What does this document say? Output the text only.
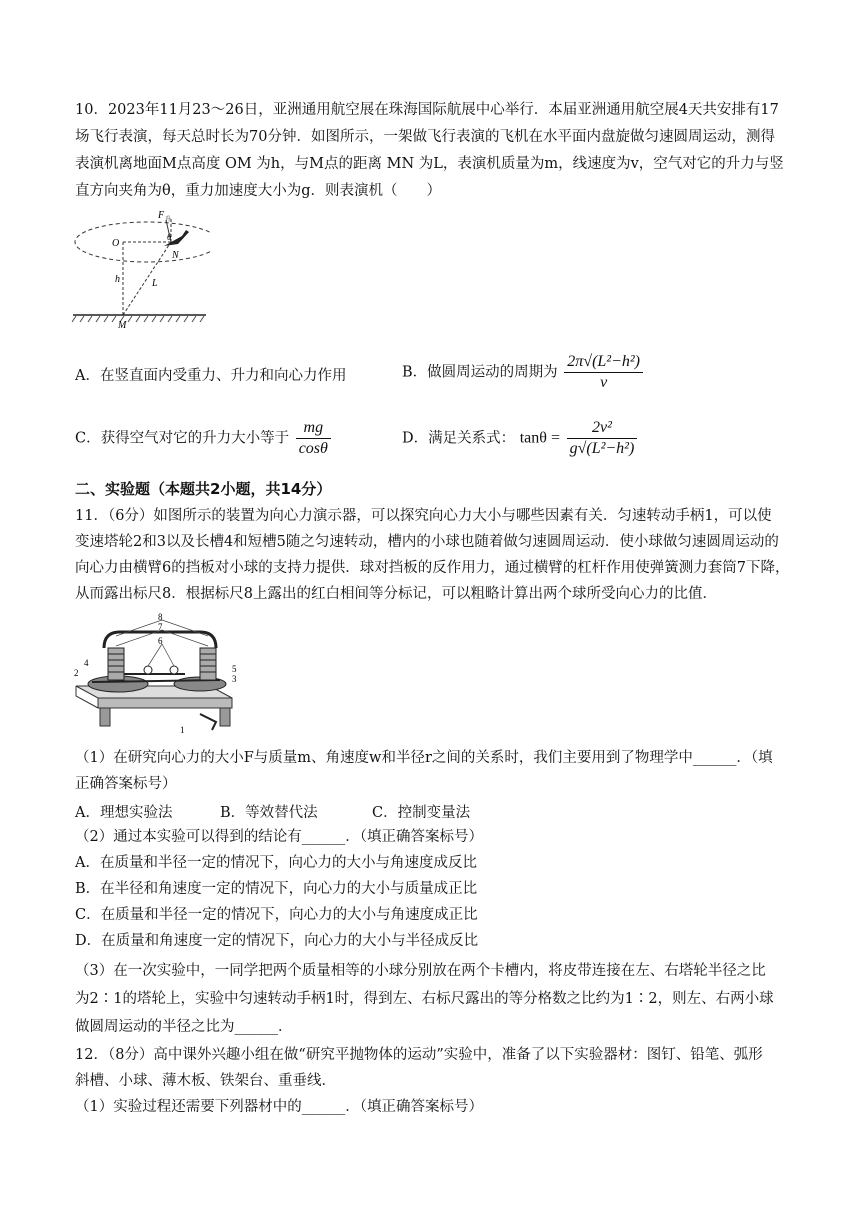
10．2023年11月23～26日，亚洲通用航空展在珠海国际航展中心举行．本届亚洲通用航空展4天共安排有17
场飞行表演，每天总时长为70分钟．如图所示，一架做飞行表演的飞机在水平面内盘旋做匀速圆周运动，测得
表演机离地面M点高度 OM 为h，与M点的距离 MN 为L，表演机质量为m，线速度为v，空气对它的升力与竖
直方向夹角为θ，重力加速度大小为g．则表演机（　　）
F 升
θ
O
N
h	L
M
A．在竖直面内受重力、升力和向心力作用	B．做圆周运动的周期为 $\frac{\text{2π√(L²−h²)}}{v}$
C．获得空气对它的升力大小等于 $\frac{mg}{\cos\theta}$	D．满足关系式： $\tan\theta = \frac{\text{2v²}}{\text{g√(L²−h²)}}$
二、实验题（本题共2小题，共14分）
11．（6分）如图所示的装置为向心力演示器，可以探究向心力大小与哪些因素有关．匀速转动手柄1，可以使
变速塔轮2和3以及长槽4和短槽5随之匀速转动，槽内的小球也随着做匀速圆周运动．使小球做匀速圆周运动的
向心力由横臂6的挡板对小球的支持力提供．球对挡板的反作用力，通过横臂的杠杆作用使弹簧测力套筒7下降，
从而露出标尺8．根据标尺8上露出的红白相间等分标记，可以粗略计算出两个球所受向心力的比值．
8
7
6
4
2	5
3
1
（1）在研究向心力的大小F与质量m、角速度w和半径r之间的关系时，我们主要用到了物理学中______．（填
正确答案标号）
A．理想实验法	B．等效替代法	C．控制变量法
（2）通过本实验可以得到的结论有______．（填正确答案标号）
A．在质量和半径一定的情况下，向心力的大小与角速度成反比
B．在半径和角速度一定的情况下，向心力的大小与质量成正比
C．在质量和半径一定的情况下，向心力的大小与角速度成正比
D．在质量和角速度一定的情况下，向心力的大小与半径成反比
（3）在一次实验中，一同学把两个质量相等的小球分别放在两个卡槽内，将皮带连接在左、右塔轮半径之比
为2∶1的塔轮上，实验中匀速转动手柄1时，得到左、右标尺露出的等分格数之比约为1∶2，则左、右两小球
做圆周运动的半径之比为______．
12．（8分）高中课外兴趣小组在做“研究平抛物体的运动”实验中，准备了以下实验器材：图钉、铅笔、弧形
斜槽、小球、薄木板、铁架台、重垂线．
（1）实验过程还需要下列器材中的______．（填正确答案标号）
